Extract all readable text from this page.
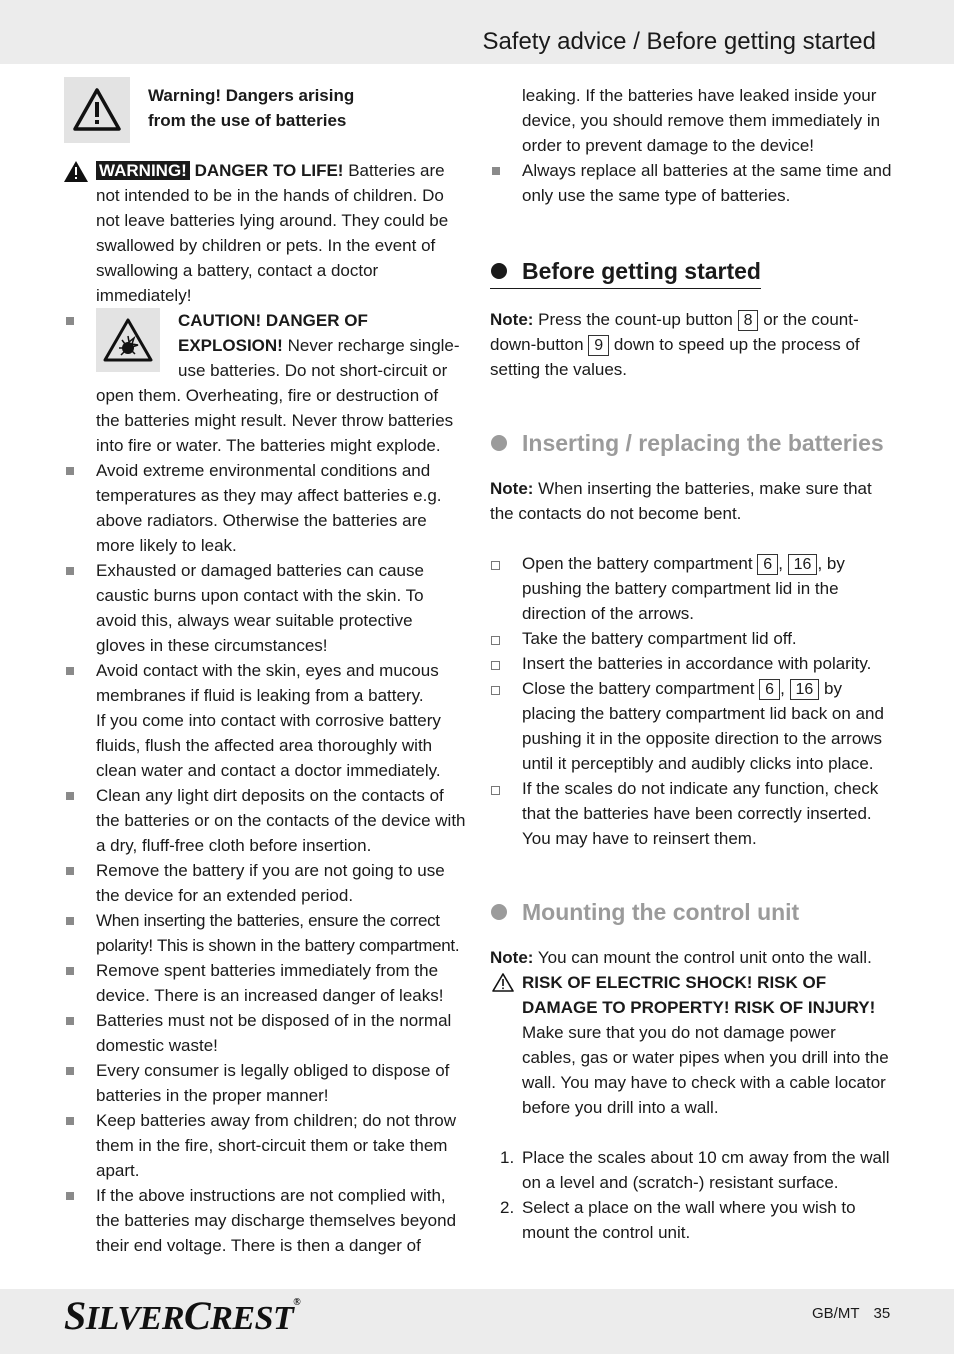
Safety advice / Before getting started
Warning! Dangers arising
from the use of batteries

WARNING! DANGER TO LIFE! Batteries are not intended to be in the hands of children. Do not leave batteries lying around. They could be swallowed by children or pets. In the event of swallowing a battery, contact a doctor immediately!

CAUTION! DANGER OF EXPLOSION! Never recharge single-use batteries. Do not short-circuit or open them. Overheating, fire or destruction of the batteries might result. Never throw batteries into fire or water. The batteries might explode.
Avoid extreme environmental conditions and temperatures as they may affect batteries e.g. above radiators. Otherwise the batteries are more likely to leak.
Exhausted or damaged batteries can cause caustic burns upon contact with the skin. To avoid this, always wear suitable protective gloves in these circumstances!
Avoid contact with the skin, eyes and mucous membranes if fluid is leaking from a battery.
If you come into contact with corrosive battery fluids, flush the affected area thoroughly with clean water and contact a doctor immediately.
Clean any light dirt deposits on the contacts of the batteries or on the contacts of the device with a dry, fluff-free cloth before insertion.
Remove the battery if you are not going to use the device for an extended period.
When inserting the batteries, ensure the correct polarity! This is shown in the battery compartment.
Remove spent batteries immediately from the device. There is an increased danger of leaks!
Batteries must not be disposed of in the normal domestic waste!
Every consumer is legally obliged to dispose of batteries in the proper manner!
Keep batteries away from children; do not throw them in the fire, short-circuit them or take them apart.
If the above instructions are not complied with, the batteries may discharge themselves beyond their end voltage. There is then a danger of

leaking. If the batteries have leaked inside your device, you should remove them immediately in order to prevent damage to the device!

Always replace all batteries at the same time and only use the same type of batteries.
Before getting started

Note: Press the count-up button 8 or the count-down-button 9 down to speed up the process of setting the values.

Inserting / replacing the batteries

Note: When inserting the batteries, make sure that the contacts do not become bent.

Open the battery compartment 6 , 16 , by pushing the battery compartment lid in the direction of the arrows.
Take the battery compartment lid off.
Insert the batteries in accordance with polarity.
Close the battery compartment 6 , 16 by placing the battery compartment lid back on and pushing it in the opposite direction to the arrows until it perceptibly and audibly clicks into place.
If the scales do not indicate any function, check that the batteries have been correctly inserted. You may have to reinsert them.
Mounting the control unit

Note: You can mount the control unit onto the wall.

RISK OF ELECTRIC SHOCK! RISK OF DAMAGE TO PROPERTY! RISK OF INJURY! Make sure that you do not damage power cables, gas or water pipes when you drill into the wall. You may have to check with a cable locator before you drill into a wall.

1. Place the scales about 10 cm away from the wall on a level and (scratch-) resistant surface.
2. Select a place on the wall where you wish to mount the control unit.
SILVERCREST®
GB/MT 35
